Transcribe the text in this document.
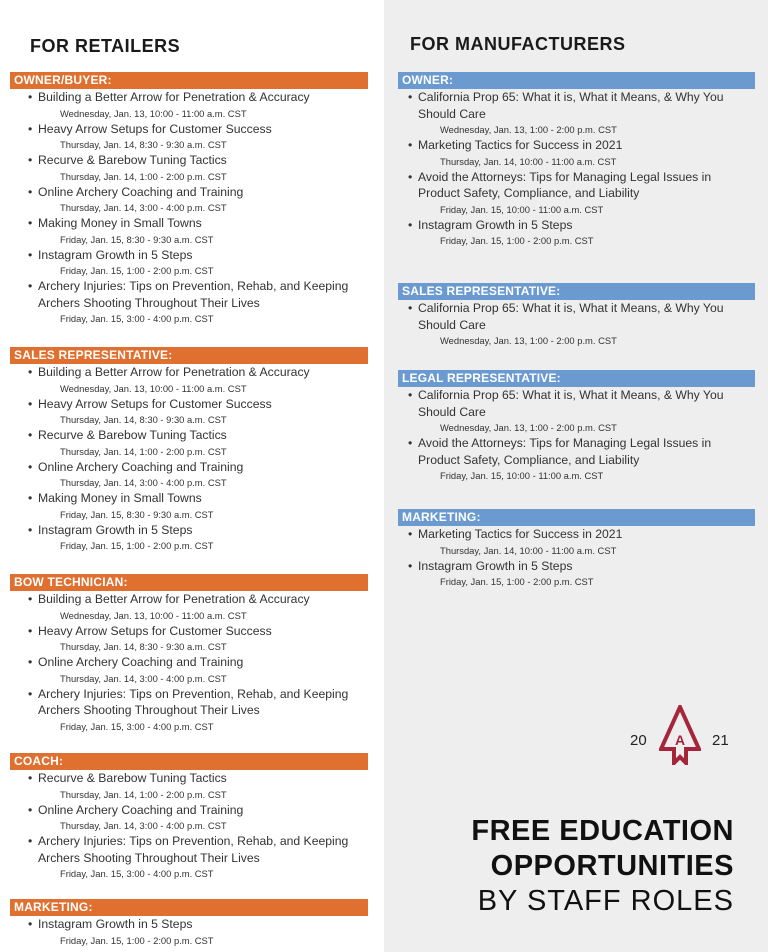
FOR RETAILERS
OWNER/BUYER:
• Building a Better Arrow for Penetration & Accuracy
Wednesday, Jan. 13, 10:00 - 11:00 a.m. CST
• Heavy Arrow Setups for Customer Success
Thursday, Jan. 14, 8:30 - 9:30 a.m. CST
• Recurve & Barebow Tuning Tactics
Thursday, Jan. 14, 1:00 - 2:00 p.m. CST
• Online Archery Coaching and Training
Thursday, Jan. 14, 3:00 - 4:00 p.m. CST
• Making Money in Small Towns
Friday, Jan. 15, 8:30 - 9:30 a.m. CST
• Instagram Growth in 5 Steps
Friday, Jan. 15, 1:00 - 2:00 p.m. CST
• Archery Injuries: Tips on Prevention, Rehab, and Keeping Archers Shooting Throughout Their Lives
Friday, Jan. 15, 3:00 - 4:00 p.m. CST
SALES REPRESENTATIVE:
• Building a Better Arrow for Penetration & Accuracy
Wednesday, Jan. 13, 10:00 - 11:00 a.m. CST
• Heavy Arrow Setups for Customer Success
Thursday, Jan. 14, 8:30 - 9:30 a.m. CST
• Recurve & Barebow Tuning Tactics
Thursday, Jan. 14, 1:00 - 2:00 p.m. CST
• Online Archery Coaching and Training
Thursday, Jan. 14, 3:00 - 4:00 p.m. CST
• Making Money in Small Towns
Friday, Jan. 15, 8:30 - 9:30 a.m. CST
• Instagram Growth in 5 Steps
Friday, Jan. 15, 1:00 - 2:00 p.m. CST
BOW TECHNICIAN:
• Building a Better Arrow for Penetration & Accuracy
Wednesday, Jan. 13, 10:00 - 11:00 a.m. CST
• Heavy Arrow Setups for Customer Success
Thursday, Jan. 14, 8:30 - 9:30 a.m. CST
• Online Archery Coaching and Training
Thursday, Jan. 14, 3:00 - 4:00 p.m. CST
• Archery Injuries: Tips on Prevention, Rehab, and Keeping Archers Shooting Throughout Their Lives
Friday, Jan. 15, 3:00 - 4:00 p.m. CST
COACH:
• Recurve & Barebow Tuning Tactics
Thursday, Jan. 14, 1:00 - 2:00 p.m. CST
• Online Archery Coaching and Training
Thursday, Jan. 14, 3:00 - 4:00 p.m. CST
• Archery Injuries: Tips on Prevention, Rehab, and Keeping Archers Shooting Throughout Their Lives
Friday, Jan. 15, 3:00 - 4:00 p.m. CST
MARKETING:
• Instagram Growth in 5 Steps
Friday, Jan. 15, 1:00 - 2:00 p.m. CST
FOR MANUFACTURERS
OWNER:
• California Prop 65: What it is, What it Means, & Why You Should Care
Wednesday, Jan. 13, 1:00 - 2:00 p.m. CST
• Marketing Tactics for Success in 2021
Thursday, Jan. 14, 10:00 - 11:00 a.m. CST
• Avoid the Attorneys: Tips for Managing Legal Issues in Product Safety, Compliance, and Liability
Friday, Jan. 15, 10:00 - 11:00 a.m. CST
• Instagram Growth in 5 Steps
Friday, Jan. 15, 1:00 - 2:00 p.m. CST
SALES REPRESENTATIVE:
• California Prop 65: What it is, What it Means, & Why You Should Care
Wednesday, Jan. 13, 1:00 - 2:00 p.m. CST
LEGAL REPRESENTATIVE:
• California Prop 65: What it is, What it Means, & Why You Should Care
Wednesday, Jan. 13, 1:00 - 2:00 p.m. CST
• Avoid the Attorneys: Tips for Managing Legal Issues in Product Safety, Compliance, and Liability
Friday, Jan. 15, 10:00 - 11:00 a.m. CST
MARKETING:
• Marketing Tactics for Success in 2021
Thursday, Jan. 14, 10:00 - 11:00 a.m. CST
• Instagram Growth in 5 Steps
Friday, Jan. 15, 1:00 - 2:00 p.m. CST
20 A 21
FREE EDUCATION
OPPORTUNITIES
BY STAFF ROLES
